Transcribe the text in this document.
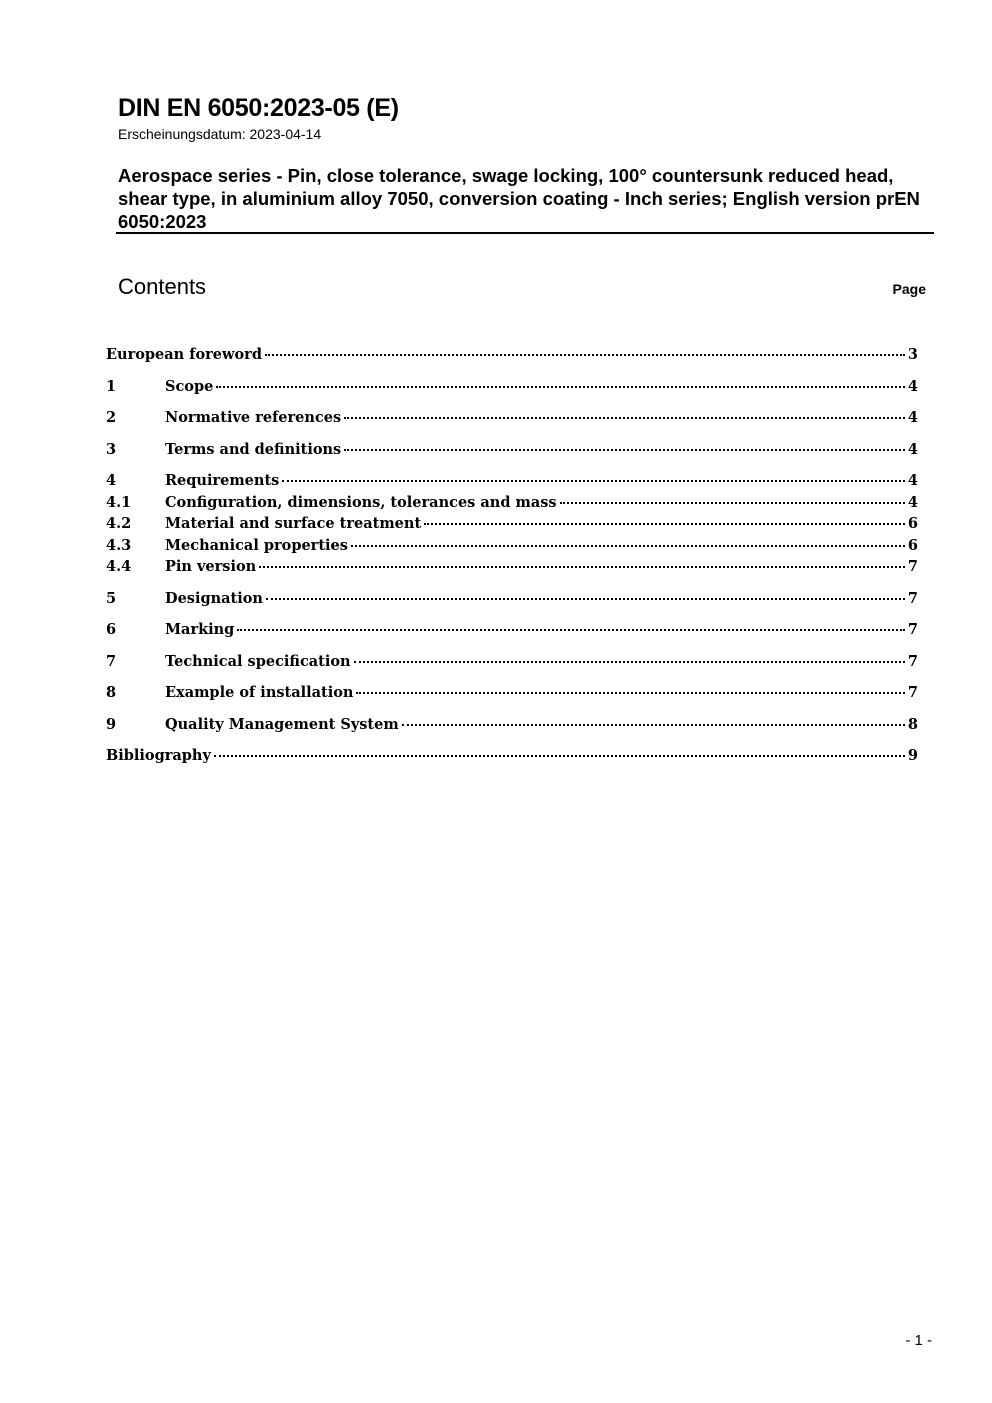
DIN EN 6050:2023-05 (E)
Erscheinungsdatum: 2023-04-14
Aerospace series - Pin, close tolerance, swage locking, 100° countersunk reduced head, shear type, in aluminium alloy 7050, conversion coating - Inch series; English version prEN 6050:2023
Contents	Page
European foreword	3
1	Scope	4
2	Normative references	4
3	Terms and definitions	4
4	Requirements	4
4.1	Configuration, dimensions, tolerances and mass	4
4.2	Material and surface treatment	6
4.3	Mechanical properties	6
4.4	Pin version	7
5	Designation	7
6	Marking	7
7	Technical specification	7
8	Example of installation	7
9	Quality Management System	8
Bibliography	9
- 1 -
